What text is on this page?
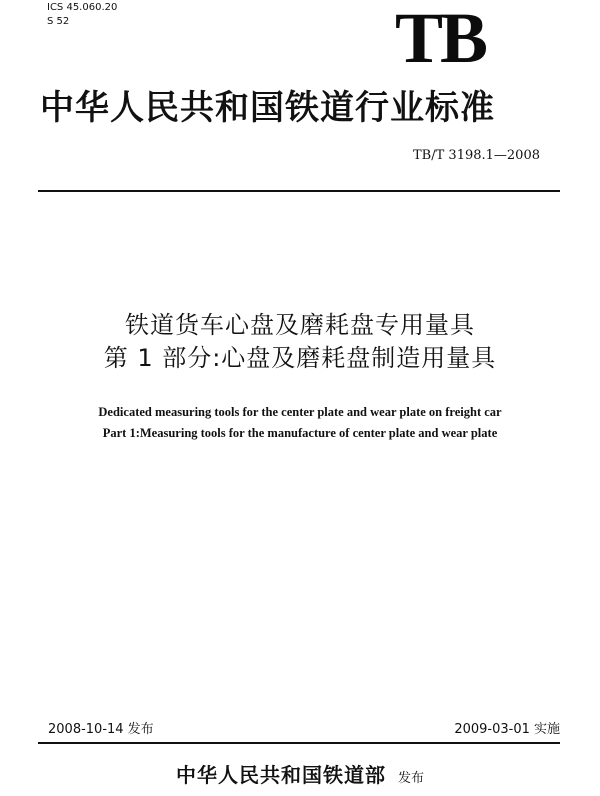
ICS 45.060.20
S 52	TB
中华人民共和国铁道行业标准
TB/T 3198.1—2008
铁道货车心盘及磨耗盘专用量具
第 1 部分:心盘及磨耗盘制造用量具
Dedicated measuring tools for the center plate and wear plate on freight car
Part 1:Measuring tools for the manufacture of center plate and wear plate
2008-10-14 发布	2009-03-01 实施
中华人民共和国铁道部 发布
